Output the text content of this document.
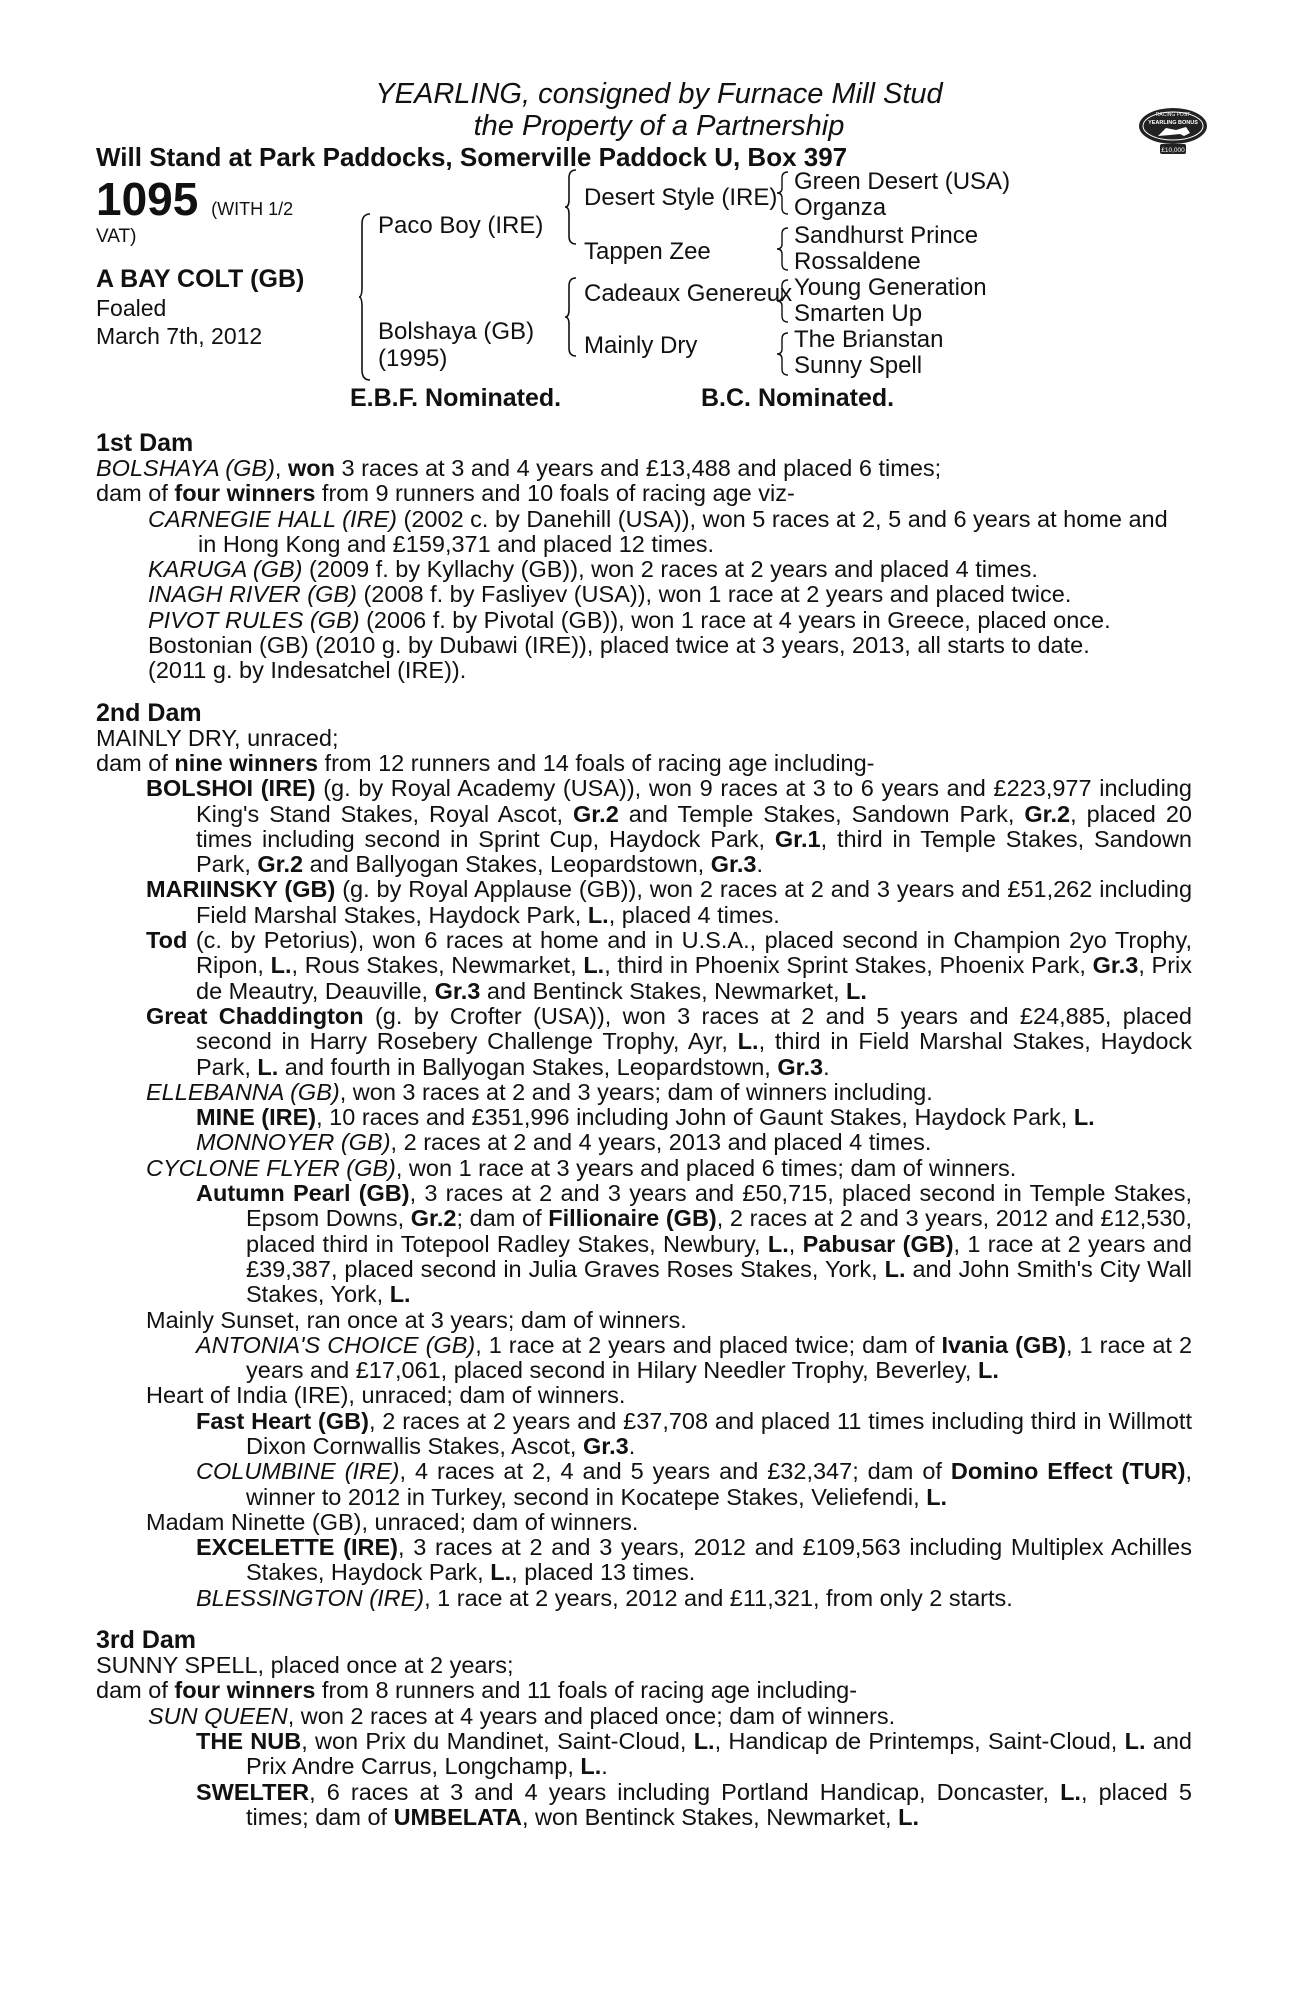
YEARLING, consigned by Furnace Mill Stud
the Property of a Partnership
Will Stand at Park Paddocks, Somerville Paddock U, Box 397
RACING POST
YEARLING BONUS
£10,000
1095 (WITH 1/2
VAT)
A BAY COLT (GB)
Foaled
March 7th, 2012
Paco Boy (IRE)
Bolshaya (GB)
(1995)
Desert Style (IRE)
Tappen Zee
Cadeaux Genereux
Mainly Dry
Green Desert (USA)
Organza
Sandhurst Prince
Rossaldene
Young Generation
Smarten Up
The Brianstan
Sunny Spell
E.B.F. Nominated.	B.C. Nominated.
1st Dam
BOLSHAYA (GB), won 3 races at 3 and 4 years and £13,488 and placed 6 times;
dam of four winners from 9 runners and 10 foals of racing age viz-
CARNEGIE HALL (IRE) (2002 c. by Danehill (USA)), won 5 races at 2, 5 and 6 years at home and in Hong Kong and £159,371 and placed 12 times.
KARUGA (GB) (2009 f. by Kyllachy (GB)), won 2 races at 2 years and placed 4 times.
INAGH RIVER (GB) (2008 f. by Fasliyev (USA)), won 1 race at 2 years and placed twice.
PIVOT RULES (GB) (2006 f. by Pivotal (GB)), won 1 race at 4 years in Greece, placed once.
Bostonian (GB) (2010 g. by Dubawi (IRE)), placed twice at 3 years, 2013, all starts to date.
(2011 g. by Indesatchel (IRE)).
2nd Dam
MAINLY DRY, unraced;
dam of nine winners from 12 runners and 14 foals of racing age including-
BOLSHOI (IRE) (g. by Royal Academy (USA)), won 9 races at 3 to 6 years and £223,977 including King's Stand Stakes, Royal Ascot, Gr.2 and Temple Stakes, Sandown Park, Gr.2, placed 20 times including second in Sprint Cup, Haydock Park, Gr.1, third in Temple Stakes, Sandown Park, Gr.2 and Ballyogan Stakes, Leopardstown, Gr.3.
MARIINSKY (GB) (g. by Royal Applause (GB)), won 2 races at 2 and 3 years and £51,262 including Field Marshal Stakes, Haydock Park, L., placed 4 times.
Tod (c. by Petorius), won 6 races at home and in U.S.A., placed second in Champion 2yo Trophy, Ripon, L., Rous Stakes, Newmarket, L., third in Phoenix Sprint Stakes, Phoenix Park, Gr.3, Prix de Meautry, Deauville, Gr.3 and Bentinck Stakes, Newmarket, L.
Great Chaddington (g. by Crofter (USA)), won 3 races at 2 and 5 years and £24,885, placed second in Harry Rosebery Challenge Trophy, Ayr, L., third in Field Marshal Stakes, Haydock Park, L. and fourth in Ballyogan Stakes, Leopardstown, Gr.3.
ELLEBANNA (GB), won 3 races at 2 and 3 years; dam of winners including.
MINE (IRE), 10 races and £351,996 including John of Gaunt Stakes, Haydock Park, L.
MONNOYER (GB), 2 races at 2 and 4 years, 2013 and placed 4 times.
CYCLONE FLYER (GB), won 1 race at 3 years and placed 6 times; dam of winners.
Autumn Pearl (GB), 3 races at 2 and 3 years and £50,715, placed second in Temple Stakes, Epsom Downs, Gr.2; dam of Fillionaire (GB), 2 races at 2 and 3 years, 2012 and £12,530, placed third in Totepool Radley Stakes, Newbury, L., Pabusar (GB), 1 race at 2 years and £39,387, placed second in Julia Graves Roses Stakes, York, L. and John Smith's City Wall Stakes, York, L.
Mainly Sunset, ran once at 3 years; dam of winners.
ANTONIA'S CHOICE (GB), 1 race at 2 years and placed twice; dam of Ivania (GB), 1 race at 2 years and £17,061, placed second in Hilary Needler Trophy, Beverley, L.
Heart of India (IRE), unraced; dam of winners.
Fast Heart (GB), 2 races at 2 years and £37,708 and placed 11 times including third in Willmott Dixon Cornwallis Stakes, Ascot, Gr.3.
COLUMBINE (IRE), 4 races at 2, 4 and 5 years and £32,347; dam of Domino Effect (TUR), winner to 2012 in Turkey, second in Kocatepe Stakes, Veliefendi, L.
Madam Ninette (GB), unraced; dam of winners.
EXCELETTE (IRE), 3 races at 2 and 3 years, 2012 and £109,563 including Multiplex Achilles Stakes, Haydock Park, L., placed 13 times.
BLESSINGTON (IRE), 1 race at 2 years, 2012 and £11,321, from only 2 starts.
3rd Dam
SUNNY SPELL, placed once at 2 years;
dam of four winners from 8 runners and 11 foals of racing age including-
SUN QUEEN, won 2 races at 4 years and placed once; dam of winners.
THE NUB, won Prix du Mandinet, Saint-Cloud, L., Handicap de Printemps, Saint-Cloud, L. and Prix Andre Carrus, Longchamp, L..
SWELTER, 6 races at 3 and 4 years including Portland Handicap, Doncaster, L., placed 5 times; dam of UMBELATA, won Bentinck Stakes, Newmarket, L.
